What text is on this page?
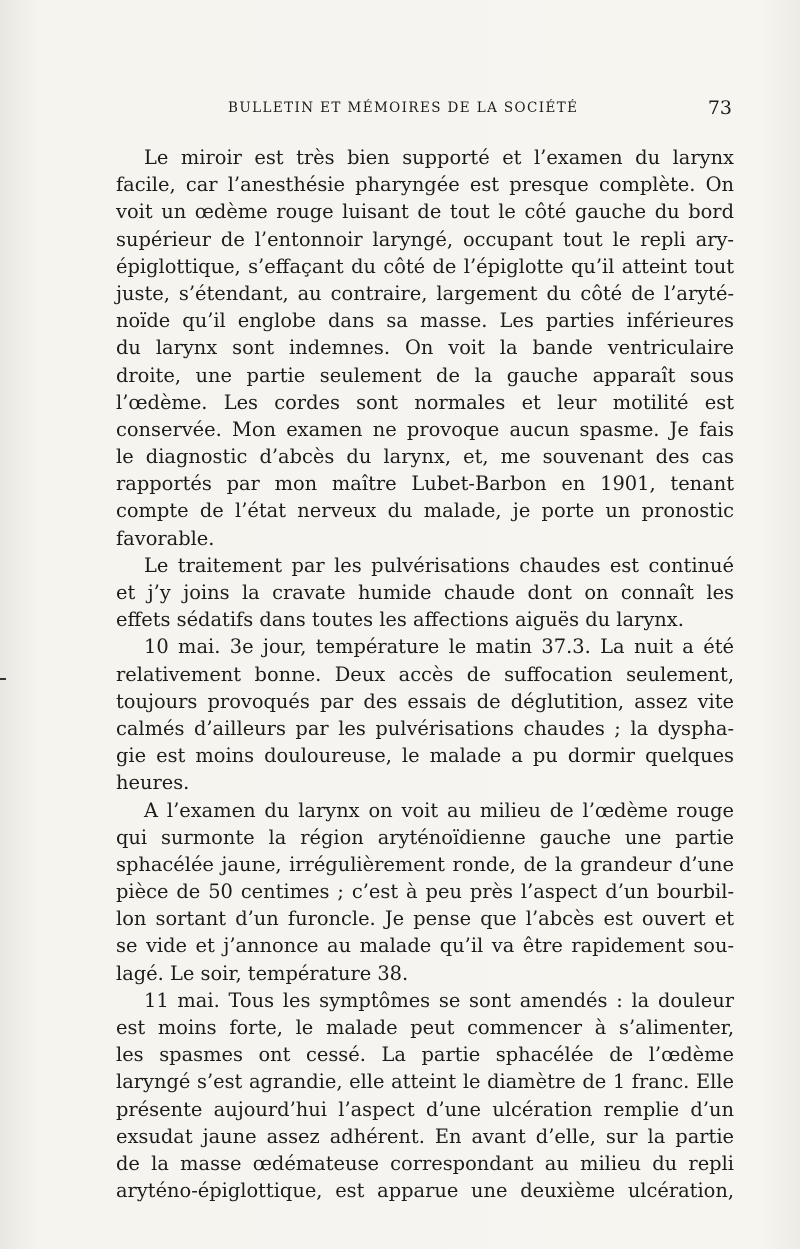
BULLETIN ET MÉMOIRES DE LA SOCIÉTÉ	73
Le miroir est très bien supporté et l’examen du larynx
facile, car l’anesthésie pharyngée est presque complète. On
voit un œdème rouge luisant de tout le côté gauche du bord
supérieur de l’entonnoir laryngé, occupant tout le repli ary-
épiglottique, s’effaçant du côté de l’épiglotte qu’il atteint tout
juste, s’étendant, au contraire, largement du côté de l’aryté-
noïde qu’il englobe dans sa masse. Les parties inférieures
du larynx sont indemnes. On voit la bande ventriculaire
droite, une partie seulement de la gauche apparaît sous
l’œdème. Les cordes sont normales et leur motilité est
conservée. Mon examen ne provoque aucun spasme. Je fais
le diagnostic d’abcès du larynx, et, me souvenant des cas
rapportés par mon maître Lubet-Barbon en 1901, tenant
compte de l’état nerveux du malade, je porte un pronostic
favorable.
Le traitement par les pulvérisations chaudes est continué
et j’y joins la cravate humide chaude dont on connaît les
effets sédatifs dans toutes les affections aiguës du larynx.
10 mai. 3e jour, température le matin 37.3. La nuit a été
relativement bonne. Deux accès de suffocation seulement,
toujours provoqués par des essais de déglutition, assez vite
calmés d’ailleurs par les pulvérisations chaudes ; la dyspha-
gie est moins douloureuse, le malade a pu dormir quelques
heures.
A l’examen du larynx on voit au milieu de l’œdème rouge
qui surmonte la région aryténoïdienne gauche une partie
sphacélée jaune, irrégulièrement ronde, de la grandeur d’une
pièce de 50 centimes ; c’est à peu près l’aspect d’un bourbil-
lon sortant d’un furoncle. Je pense que l’abcès est ouvert et
se vide et j’annonce au malade qu’il va être rapidement sou-
lagé. Le soir, température 38.
11 mai. Tous les symptômes se sont amendés : la douleur
est moins forte, le malade peut commencer à s’alimenter,
les spasmes ont cessé. La partie sphacélée de l’œdème
laryngé s’est agrandie, elle atteint le diamètre de 1 franc. Elle
présente aujourd’hui l’aspect d’une ulcération remplie d’un
exsudat jaune assez adhérent. En avant d’elle, sur la partie
de la masse œdémateuse correspondant au milieu du repli
aryténo-épiglottique, est apparue une deuxième ulcération,
